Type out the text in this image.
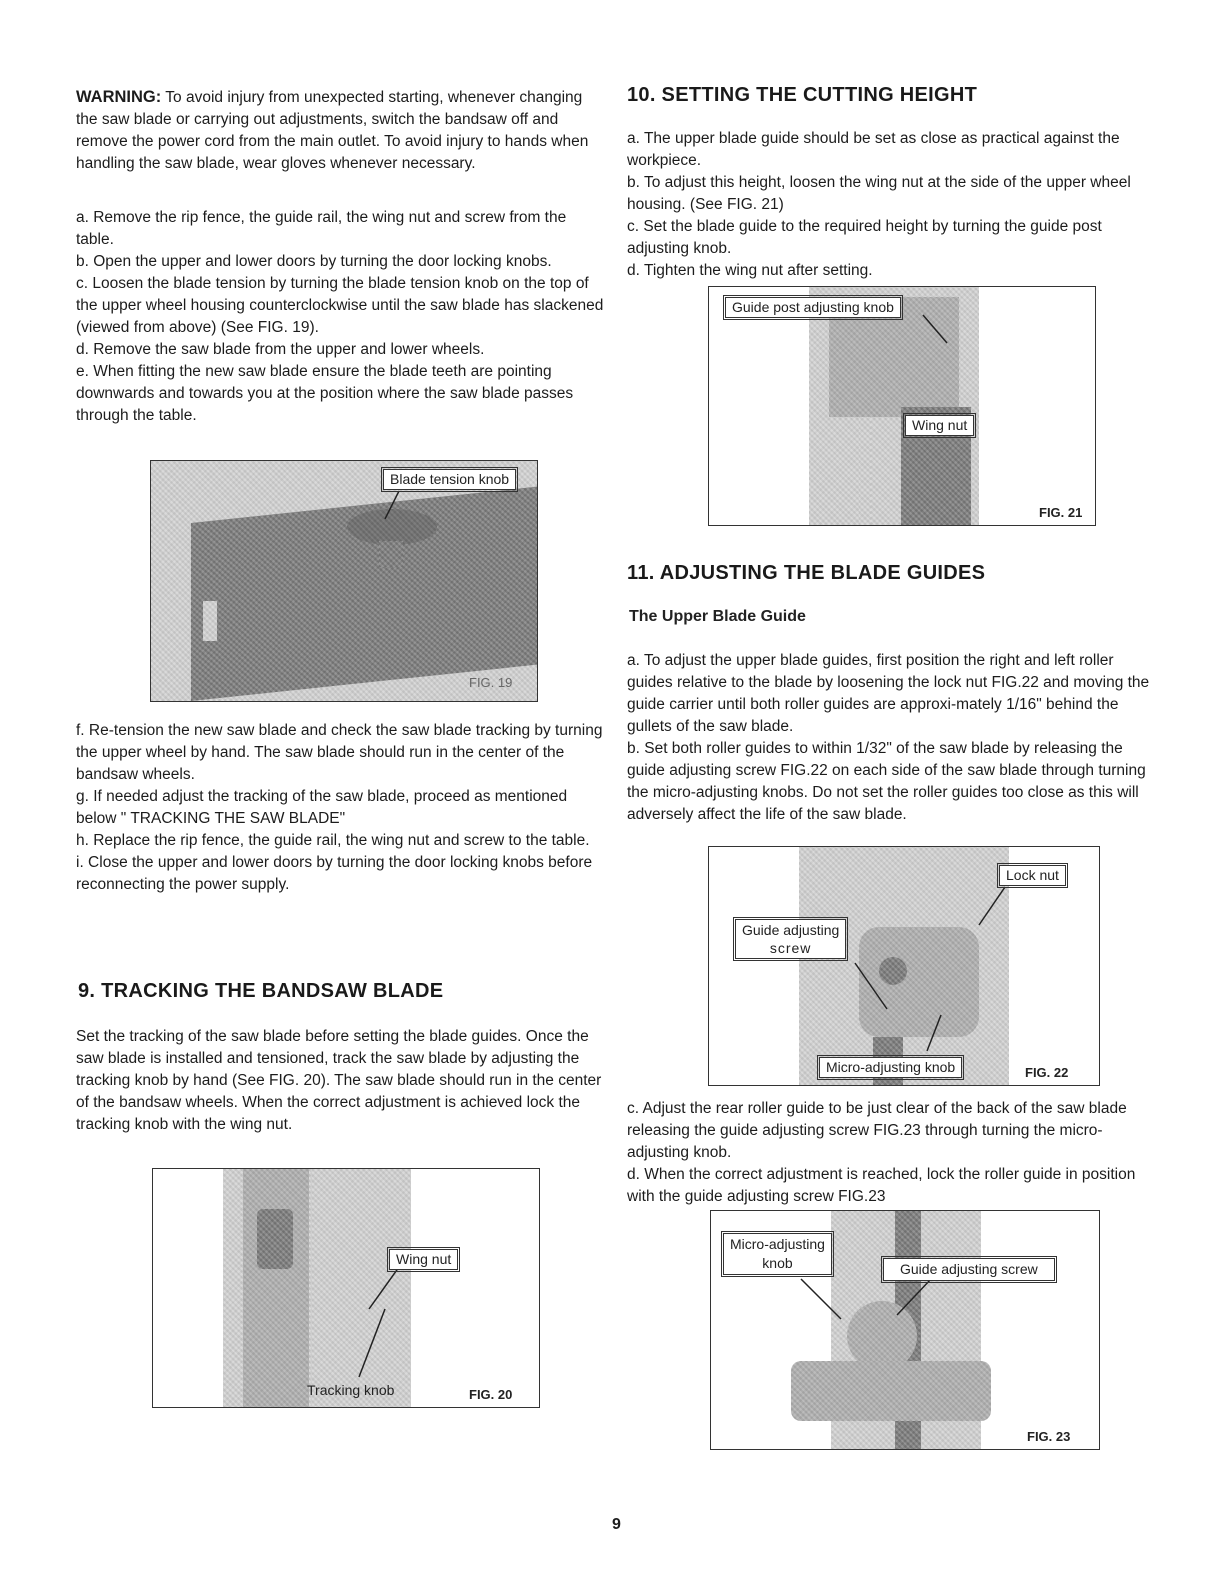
WARNING: To avoid injury from unexpected starting, whenever changing the saw blade or carrying out adjustments, switch the bandsaw off and remove the power cord from the main outlet. To avoid injury to hands when handling the saw blade, wear gloves whenever necessary.

a. Remove the rip fence, the guide rail, the wing nut and screw from the table.

b. Open the upper and lower doors by turning the door locking knobs.

c. Loosen the blade tension by turning the blade tension knob on the top of the upper wheel housing counterclockwise until the saw blade has slackened (viewed from above) (See FIG. 19).

d. Remove the saw blade from the upper and lower wheels.

e. When fitting the new saw blade ensure the blade teeth are pointing downwards and towards you at the position where the saw blade passes through the table.

Blade tension knob
FIG. 19

f. Re-tension the new saw blade and check the saw blade tracking by turning the upper wheel by hand. The saw blade should run in the center of the bandsaw wheels.

g. If needed adjust the tracking of the saw blade, proceed as mentioned below " TRACKING THE SAW BLADE"

h. Replace the rip fence, the guide rail, the wing nut and screw to the table.

i. Close the upper and lower doors by turning the door locking knobs before reconnecting the power supply.

9. TRACKING THE BANDSAW BLADE

Set the tracking of the saw blade before setting the blade guides. Once the saw blade is installed and tensioned, track the saw blade by adjusting the tracking knob by hand (See FIG. 20). The saw blade should run in the center of the bandsaw wheels. When the correct adjustment is achieved lock the tracking knob with the wing nut.

Wing nut
Tracking knob	FIG. 20
10. SETTING THE CUTTING HEIGHT

a. The upper blade guide should be set as close as practical against the workpiece.

b. To adjust this height, loosen the wing nut at the side of the upper wheel housing. (See FIG. 21)

c. Set the blade guide to the required height by turning the guide post adjusting knob.

d. Tighten the wing nut after setting.

Guide post adjusting knob
Wing nut
FIG. 21
11. ADJUSTING THE BLADE GUIDES
The Upper Blade Guide

a. To adjust the upper blade guides, first position the right and left roller guides relative to the blade by loosening the lock nut FIG.22 and moving the guide carrier until both roller guides are approxi-mately 1/16" behind the gullets of the saw blade.

b. Set both roller guides to within 1/32" of the saw blade by releasing the guide adjusting screw FIG.22 on each side of the saw blade through turning the micro-adjusting knobs. Do not set the roller guides too close as this will adversely affect the life of the saw blade.

Lock nut
Guide adjusting
screw
Micro-adjusting knob	FIG. 22

c. Adjust the rear roller guide to be just clear of the back of the saw blade releasing the guide adjusting screw FIG.23 through turning the micro-adjusting knob.

d. When the correct adjustment is reached, lock the roller guide in position with the guide adjusting screw FIG.23

Micro-adjusting
knob	Guide adjusting screw
FIG. 23
9
